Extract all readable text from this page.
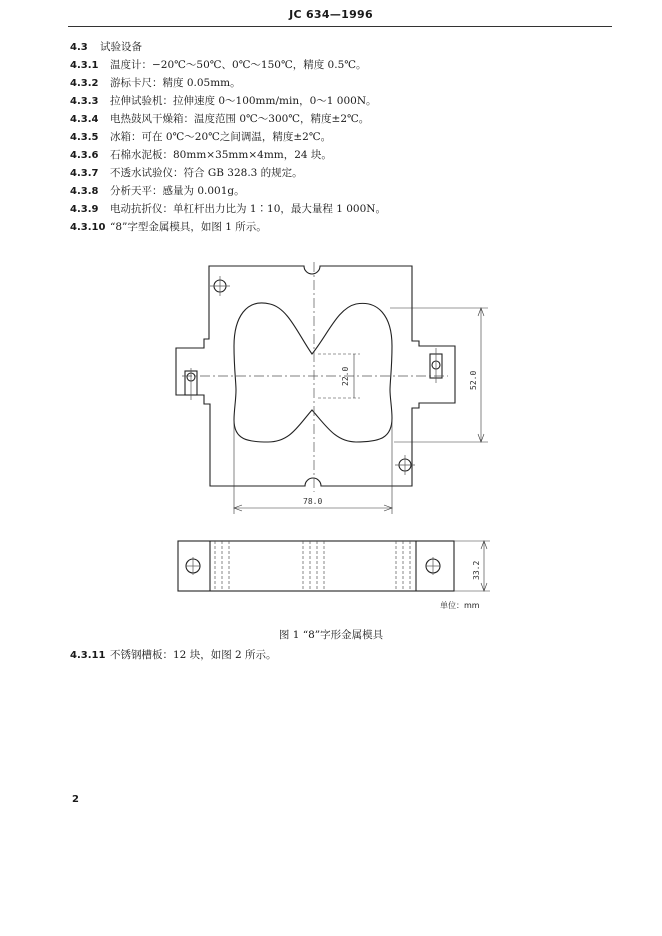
JC 634—1996
4.3	试验设备
4.3.1	温度计：−20℃～50℃、0℃～150℃，精度 0.5℃。
4.3.2	游标卡尺：精度 0.05mm。
4.3.3	拉伸试验机：拉伸速度 0～100mm/min，0～1 000N。
4.3.4	电热鼓风干燥箱：温度范围 0℃～300℃，精度±2℃。
4.3.5	冰箱：可在 0℃～20℃之间调温，精度±2℃。
4.3.6	石棉水泥板：80mm×35mm×4mm，24 块。
4.3.7	不透水试验仪：符合 GB 328.3 的规定。
4.3.8	分析天平：感量为 0.001g。
4.3.9	电动抗折仪：单杠杆出力比为 1∶10，最大量程 1 000N。
4.3.10 “8”字型金属模具，如图 1 所示。
22.0	52.0
78.0
33.2
单位：mm
图 1 “8”字形金属模具
4.3.11 不锈钢槽板：12 块，如图 2 所示。
2
